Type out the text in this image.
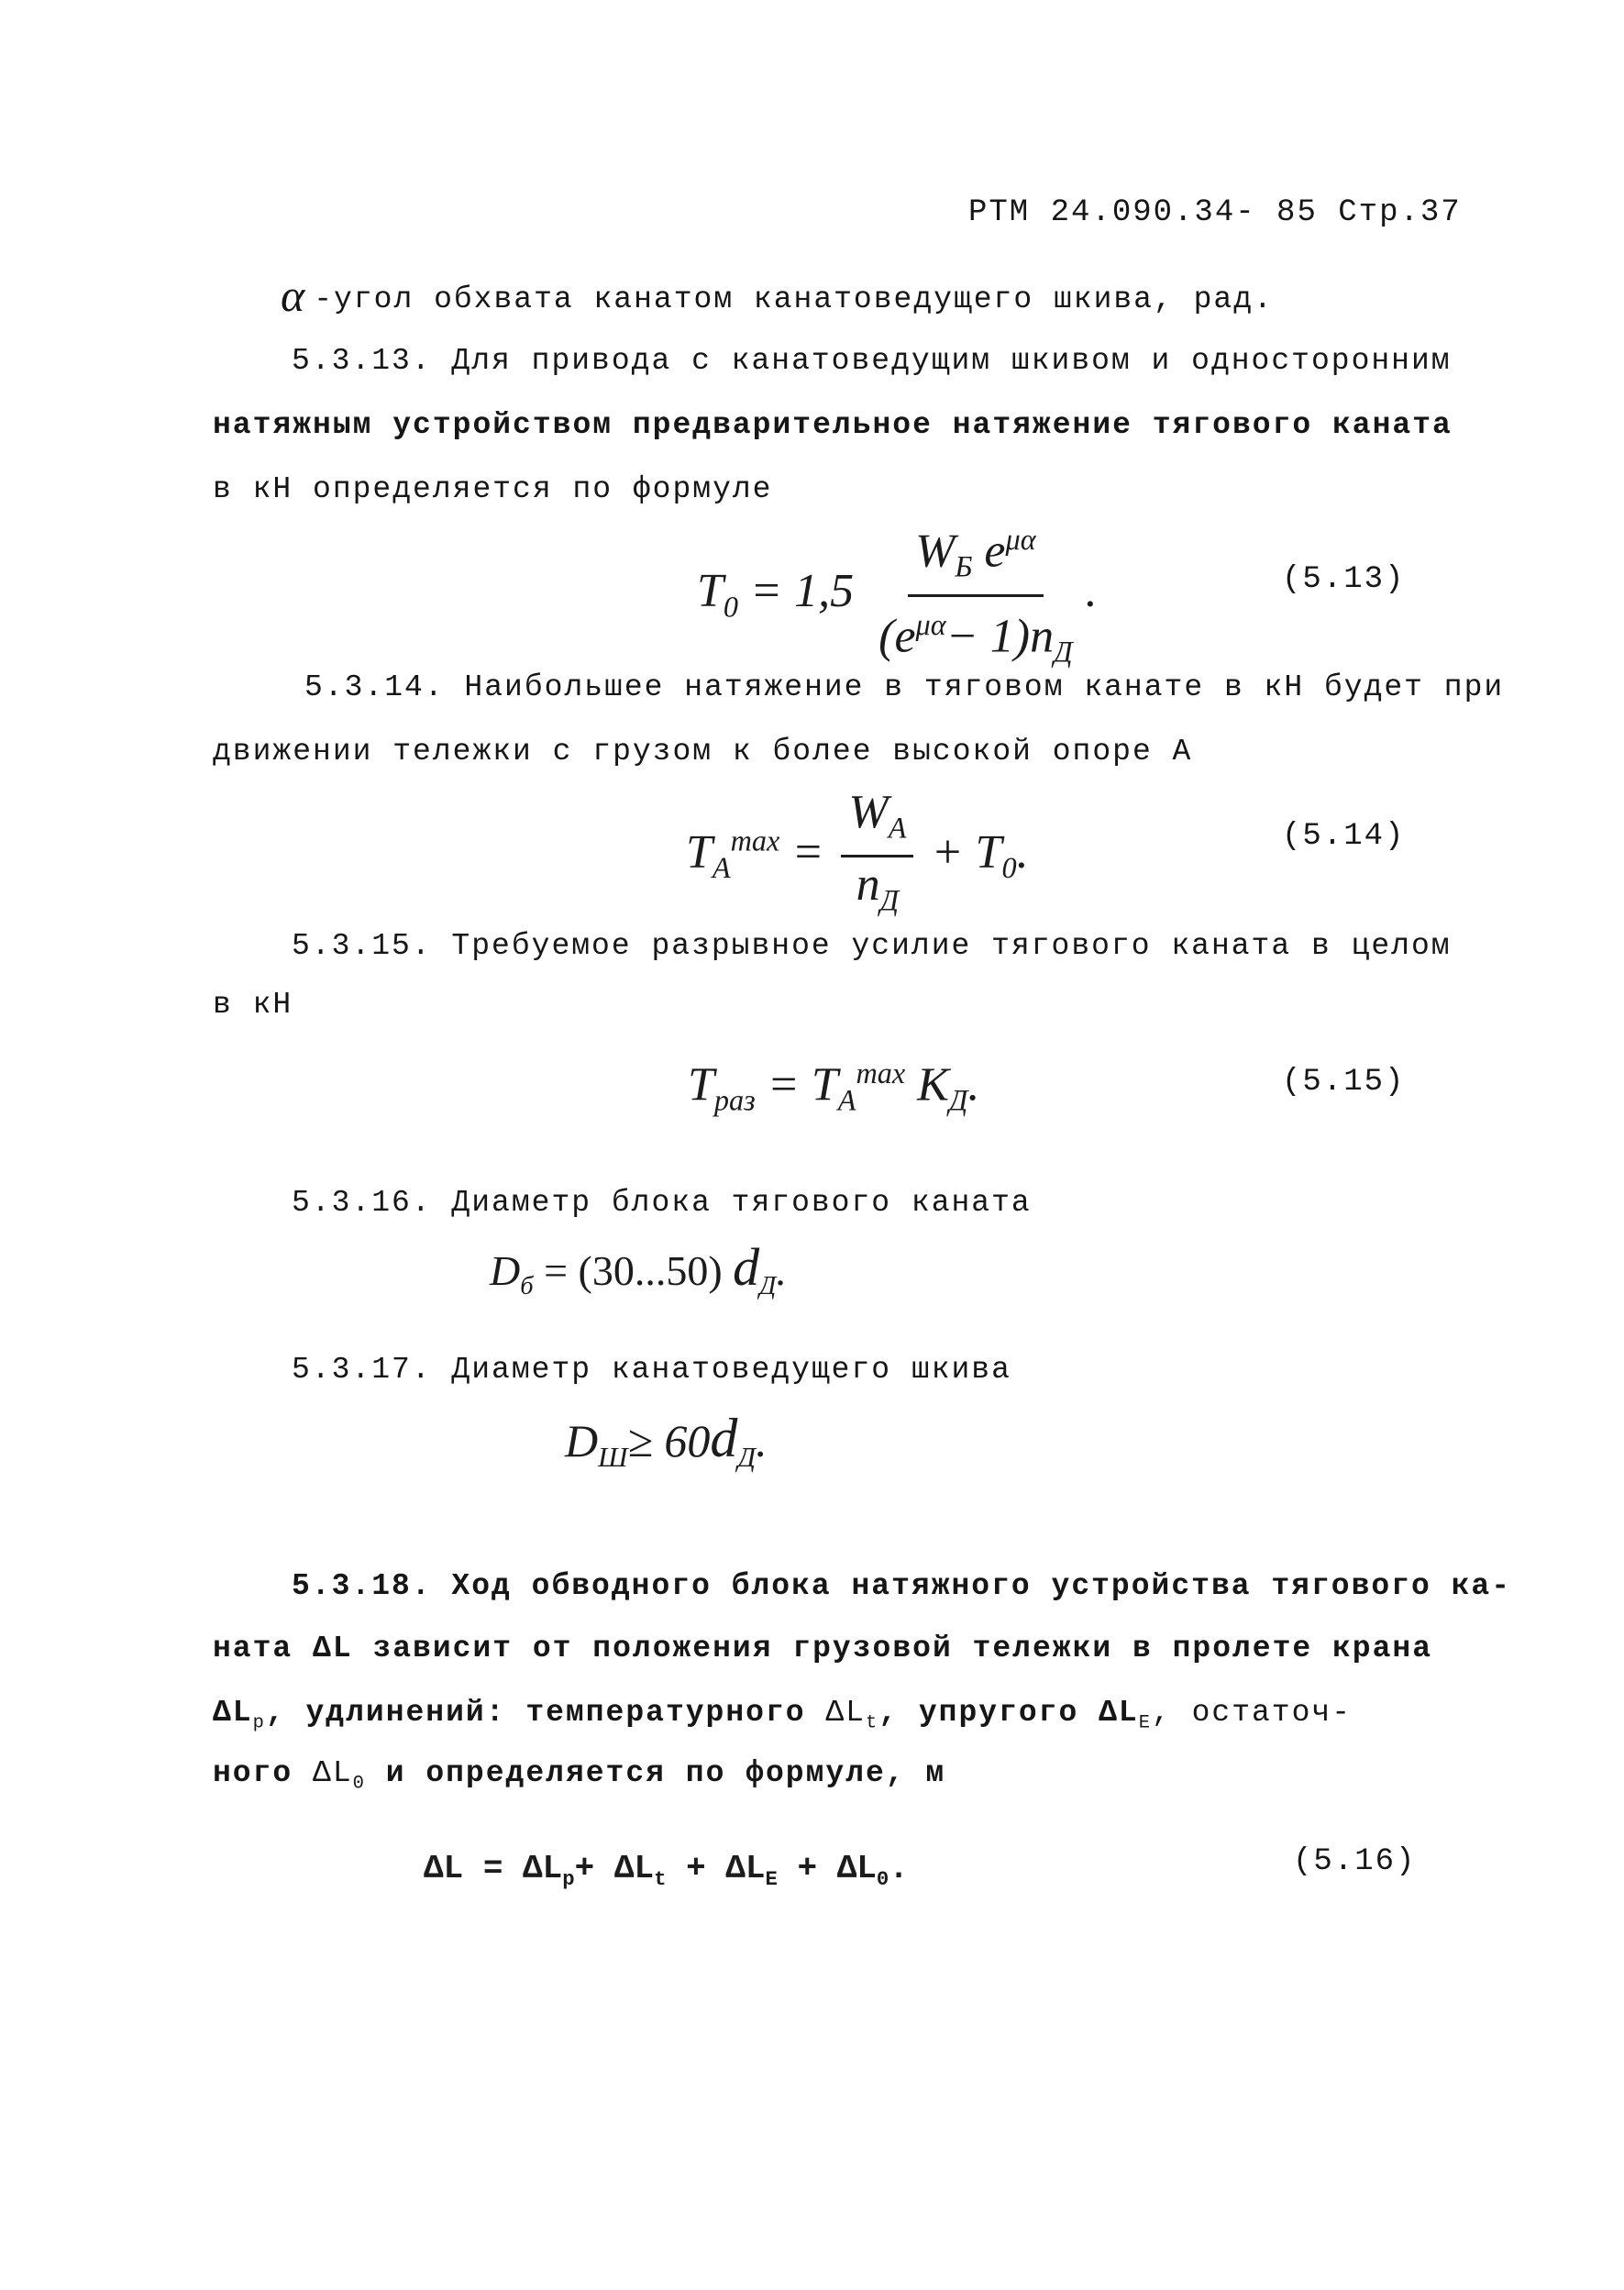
РТМ 24.090.34- 85 Стр.37
α -угол обхвата канатом канатоведущего шкива, рад.
5.3.13. Для привода с канатоведущим шкивом и односторонним
натяжным устройством предварительное натяжение тягового каната
в кН определяется по формуле
$T_0 = 1,5 \frac{W_Б e^{\mu\alpha}}{(e^{\mu\alpha}- 1)n_Д}$ .	(5.13)
5.3.14. Наибольшее натяжение в тяговом канате в кН будет при
движении тележки с грузом к более высокой опоре А
$T_A^{max} = \frac{W_A}{n_Д} + T_0$.	(5.14)
5.3.15. Требуемое разрывное усилие тягового каната в целом
в кН
$T_{раз} = T_A^{max}$ $K_Д$.	(5.15)
5.3.16. Диаметр блока тягового каната
$D_б = (30...50)$ $d_Д$.
5.3.17. Диаметр канатоведущего шкива
$D_Ш\ge 60d_Д$.
5.3.18. Ход обводного блока натяжного устройства тягового ка-
ната ΔL зависит от положения грузовой тележки в пролете крана
$\Delta L_p$, удлинений: температурного $\Delta L_t$, упругого $\Delta L_E$, остаточ-
ного $\Delta L_0$ и определяется по формуле, м
$\Delta L = \Delta L_p+ \Delta L_t + \Delta L_E + \Delta L_0$.	(5.16)
